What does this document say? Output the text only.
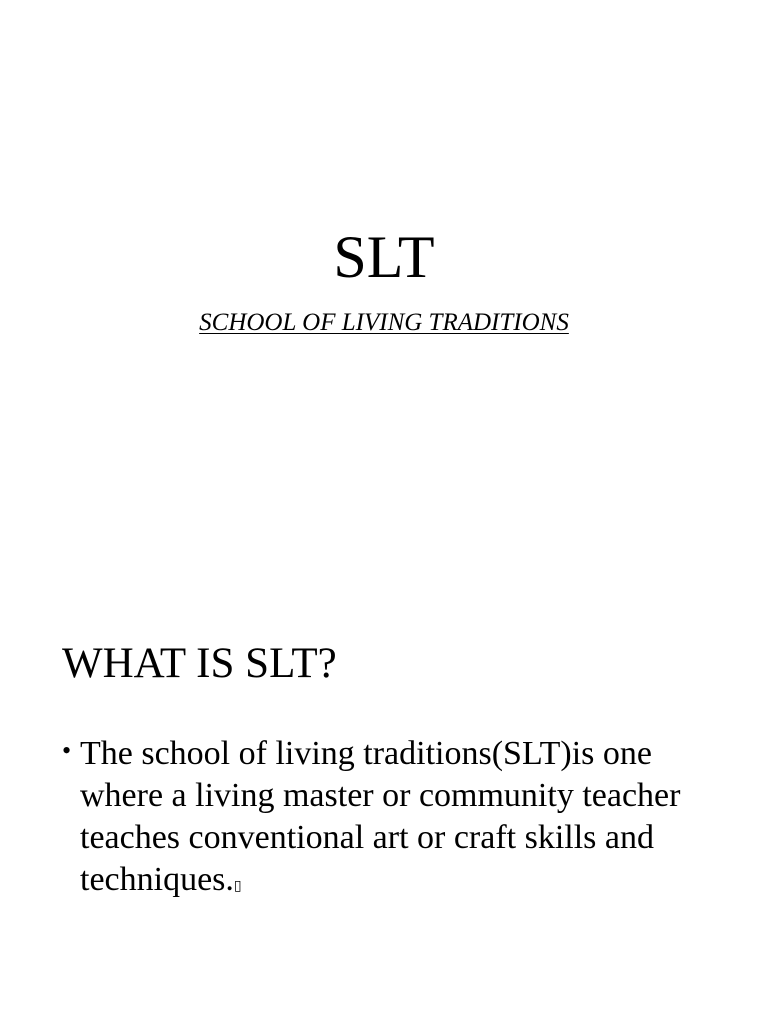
SLT

SCHOOL OF LIVING TRADITIONS

WHAT IS SLT?
• The school of living traditions(SLT)is one where a living master or community teacher teaches conventional art or craft skills and techniques.▯
